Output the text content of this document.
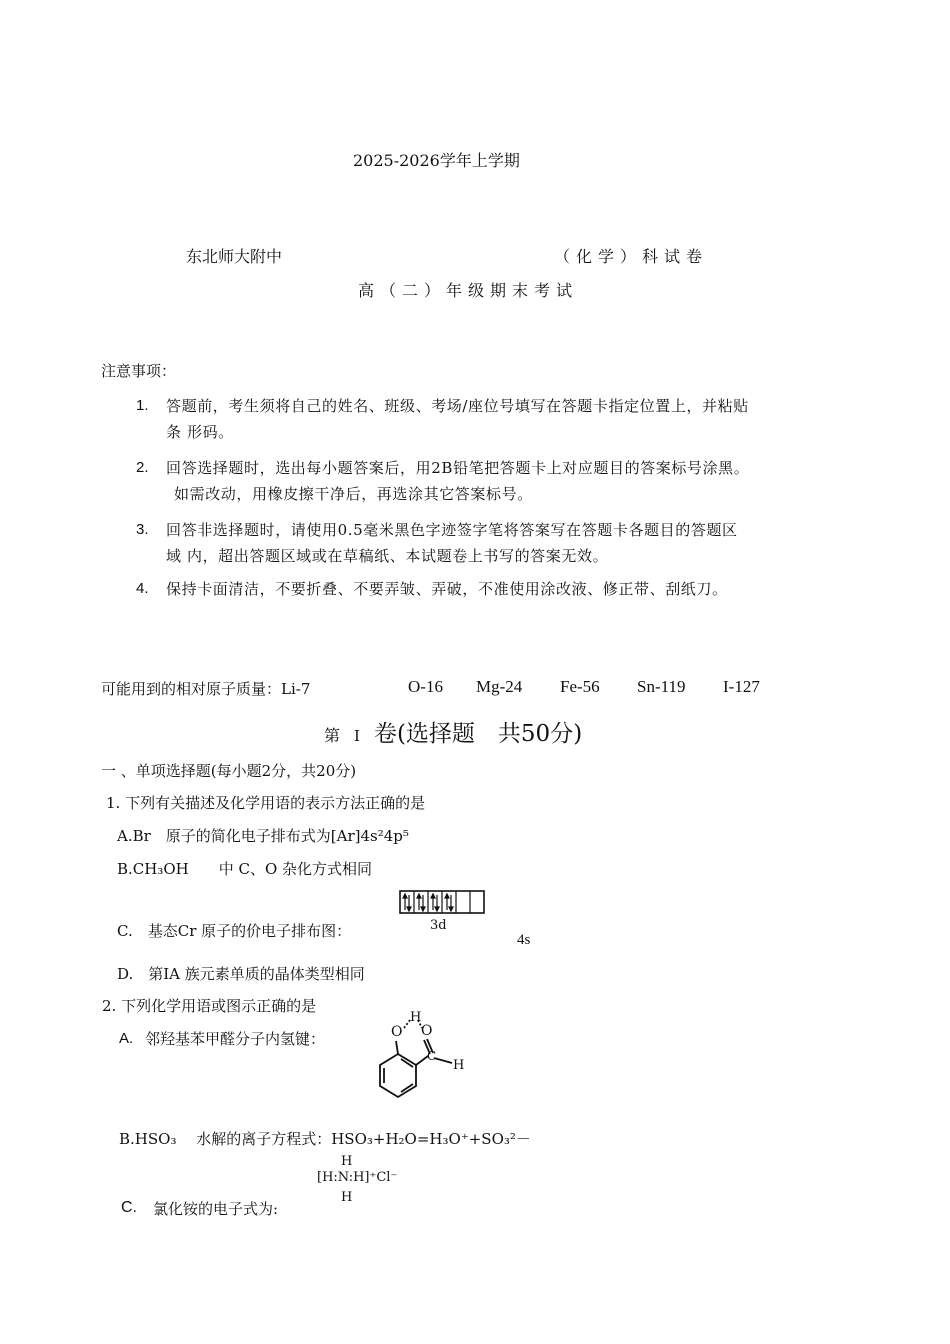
2025-2026学年上学期
东北师大附中	（化学）科试卷
高（二）年级期末考试
注意事项：
1. 答题前，考生须将自己的姓名、班级、考场/座位号填写在答题卡指定位置上，并粘贴
条 形码。
2. 回答选择题时，选出每小题答案后，用2B铅笔把答题卡上对应题目的答案标号涂黑。
如需改动，用橡皮擦干净后，再选涂其它答案标号。
3. 回答非选择题时，请使用0.5毫米黑色字迹签字笔将答案写在答题卡各题目的答题区
域 内，超出答题区域或在草稿纸、本试题卷上书写的答案无效。
4. 保持卡面清洁，不要折叠、不要弄皱、弄破，不准使用涂改液、修正带、刮纸刀。
可能用到的相对原子质量：Li-7	O-16 Mg-24 Fe-56 Sn-119 I-127
第 I 卷(选择题　共50分)
一 、单项选择题(每小题2分，共20分)
1. 下列有关描述及化学用语的表示方法正确的是
A.Br　原子的简化电子排布式为[Ar]4s²4p⁵
B.CH₃OH　　中 C、O 杂化方式相同
C.　基态Cr 原子的价电子排布图：	3d
4s
D.　第IA 族元素单质的晶体类型相同
2. 下列化学用语或图示正确的是
A. 邻羟基苯甲醛分子内氢键：	O
H
O
C
H
B.HSO₃　 水解的离子方程式：HSO₃+H₂O=H₃O⁺+SO₃²－
H
[H:N:H]⁺Cl⁻
H
C. 氯化铵的电子式为:
